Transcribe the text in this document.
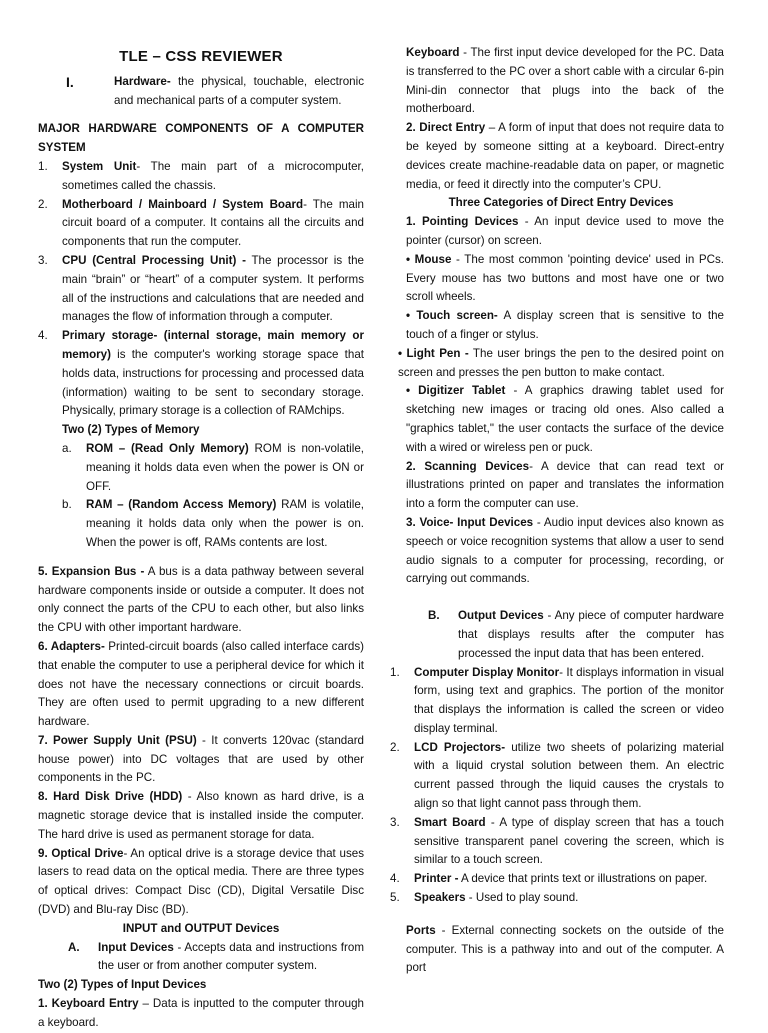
TLE – CSS REVIEWER
I.	Hardware- the physical, touchable, electronic and mechanical parts of a computer system.

MAJOR HARDWARE COMPONENTS OF A COMPUTER SYSTEM

1.	System Unit- The main part of a microcomputer, sometimes called the chassis.
2.	Motherboard / Mainboard / System Board- The main circuit board of a computer. It contains all the circuits and components that run the computer.
3.	CPU (Central Processing Unit) - The processor is the main “brain” or “heart” of a computer system. It performs all of the instructions and calculations that are needed and manages the flow of information through a computer.
4.	Primary storage- (internal storage, main memory or memory) is the computer's working storage space that holds data, instructions for processing and processed data (information) waiting to be sent to secondary storage. Physically, primary storage is a collection of RAMchips.

Two (2) Types of Memory

a.	ROM – (Read Only Memory) ROM is non-volatile, meaning it holds data even when the power is ON or OFF.
b.	RAM – (Random Access Memory) RAM is volatile, meaning it holds data only when the power is on. When the power is off, RAMs contents are lost.

5. Expansion Bus - A bus is a data pathway between several hardware components inside or outside a computer. It does not only connect the parts of the CPU to each other, but also links the CPU with other important hardware.

6. Adapters- Printed-circuit boards (also called interface cards) that enable the computer to use a peripheral device for which it does not have the necessary connections or circuit boards. They are often used to permit upgrading to a new different hardware.

7. Power Supply Unit (PSU) - It converts 120vac (standard house power) into DC voltages that are used by other components in the PC.

8. Hard Disk Drive (HDD) - Also known as hard drive, is a magnetic storage device that is installed inside the computer. The hard drive is used as permanent storage for data.

9. Optical Drive- An optical drive is a storage device that uses lasers to read data on the optical media. There are three types of optical drives: Compact Disc (CD), Digital Versatile Disc (DVD) and Blu-ray Disc (BD).

INPUT and OUTPUT Devices

A.	Input Devices - Accepts data and instructions from the user or from another computer system.

Two (2) Types of Input Devices

1. Keyboard Entry – Data is inputted to the computer through a keyboard.

Keyboard - The first input device developed for the PC. Data is transferred to the PC over a short cable with a circular 6-pin Mini-din connector that plugs into the back of the motherboard.

2. Direct Entry – A form of input that does not require data to be keyed by someone sitting at a keyboard. Direct-entry devices create machine-readable data on paper, or magnetic media, or feed it directly into the computer’s CPU.

Three Categories of Direct Entry Devices

1. Pointing Devices - An input device used to move the pointer (cursor) on screen.

• Mouse - The most common 'pointing device' used in PCs. Every mouse has two buttons and most have one or two scroll wheels.

• Touch screen- A display screen that is sensitive to the touch of a finger or stylus.

• Light Pen - The user brings the pen to the desired point on screen and presses the pen button to make contact.

• Digitizer Tablet - A graphics drawing tablet used for sketching new images or tracing old ones. Also called a "graphics tablet," the user contacts the surface of the device with a wired or wireless pen or puck.

2. Scanning Devices- A device that can read text or illustrations printed on paper and translates the information into a form the computer can use.

3. Voice- Input Devices - Audio input devices also known as speech or voice recognition systems that allow a user to send audio signals to a computer for processing, recording, or carrying out commands.

B.	Output Devices - Any piece of computer hardware that displays results after the computer has processed the input data that has been entered.
1.	Computer Display Monitor- It displays information in visual form, using text and graphics. The portion of the monitor that displays the information is called the screen or video display terminal.
2.	LCD Projectors- utilize two sheets of polarizing material with a liquid crystal solution between them. An electric current passed through the liquid causes the crystals to align so that light cannot pass through them.
3.	Smart Board - A type of display screen that has a touch sensitive transparent panel covering the screen, which is similar to a touch screen.
4.	Printer - A device that prints text or illustrations on paper.
5.	Speakers - Used to play sound.

Ports - External connecting sockets on the outside of the computer. This is a pathway into and out of the computer. A port
